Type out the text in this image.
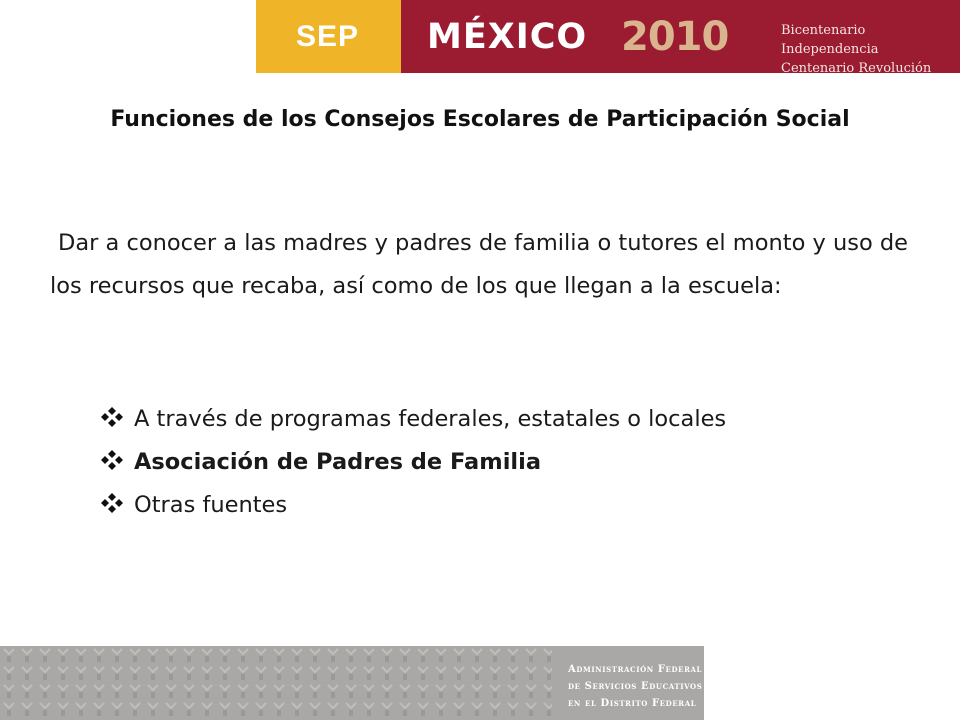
SEP MÉXICO 2010	Bicentenario Independencia
Centenario Revolución
Funciones de los Consejos Escolares de Participación Social
Dar a conocer a las madres y padres de familia o tutores el monto y uso de los recursos que recaba, así como de los que llegan a la escuela:
A través de programas federales, estatales o locales
Asociación de Padres de Familia
Otras fuentes
Administración Federal
de Servicios Educativos
en el Distrito Federal
